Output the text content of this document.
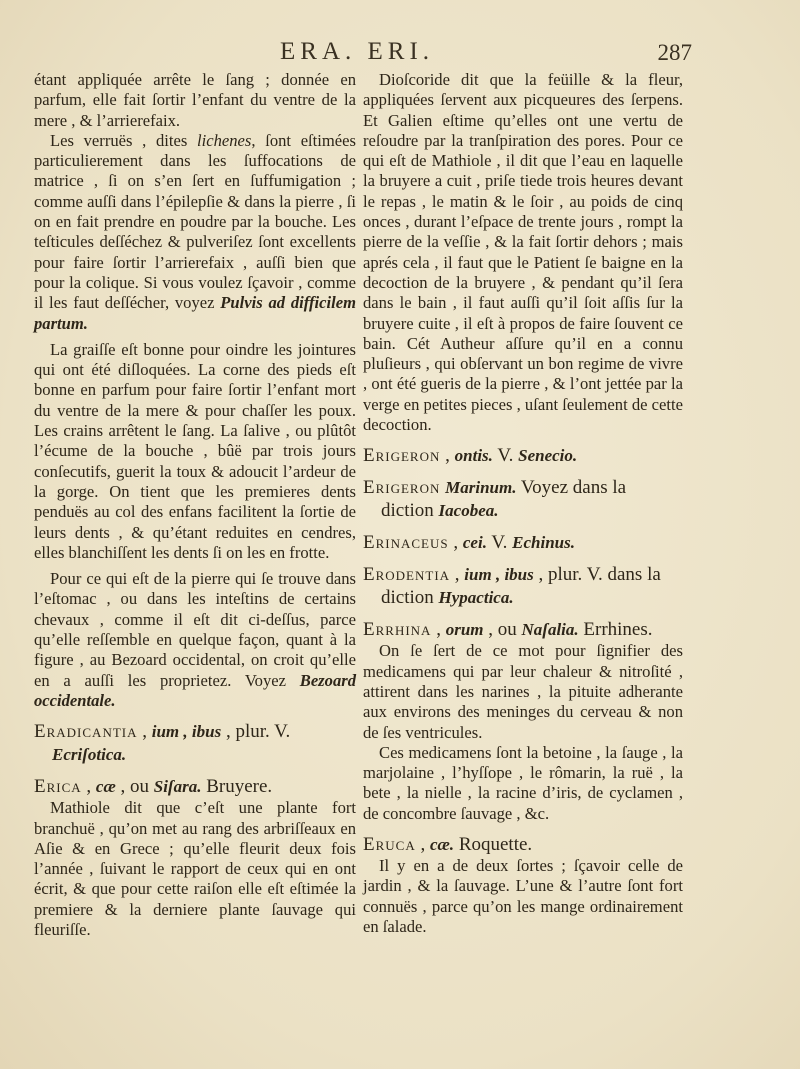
ERA. ERI.	287

étant appliquée arrête le ſang ; donnée en parfum, elle fait ſortir l’enfant du ventre de la mere , & l’arrierefaix.

Les verruës , dites lichenes, ſont eſtimées particulierement dans les ſuffocations de matrice , ſi on s’en ſert en ſuffumigation ; comme auſſi dans l’épilepſie & dans la pierre , ſi on en fait prendre en poudre par la bouche. Les teſticules deſſéchez & pulveriſez ſont excellents pour faire ſortir l’arrierefaix , auſſi bien que pour la colique. Si vous voulez ſçavoir , comme il les faut deſſécher, voyez Pulvis ad difficilem partum.

La graiſſe eſt bonne pour oindre les jointures qui ont été diſloquées. La corne des pieds eſt bonne en parfum pour faire ſortir l’enfant mort du ventre de la mere & pour chaſſer les poux. Les crains arrêtent le ſang. La ſalive , ou plûtôt l’écume de la bouche , bûë par trois jours conſecutifs, guerit la toux & adoucit l’ardeur de la gorge. On tient que les premieres dents penduës au col des enfans facilitent la ſortie de leurs dents , & qu’étant reduites en cendres, elles blanchiſſent les dents ſi on les en frotte.

Pour ce qui eſt de la pierre qui ſe trouve dans l’eſtomac , ou dans les inteſtins de certains chevaux , comme il eſt dit ci-deſſus, parce qu’elle reſſemble en quelque façon, quant à la figure , au Bezoard occidental, on croit qu’elle en a auſſi les proprietez. Voyez Bezoard occidentale.

Eradicantia , ium , ibus , plur. V. Ecriſotica.

Erica , cæ , ou Siſara. Bruyere.

Mathiole dit que c’eſt une plante fort branchuë , qu’on met au rang des arbriſſeaux en Aſie & en Grece ; qu’elle fleurit deux fois l’année , ſuivant le rapport de ceux qui en ont écrit, & que pour cette raiſon elle eſt eſtimée la premiere & la derniere plante ſauvage qui fleuriſſe.

Dioſcoride dit que la feüille & la fleur, appliquées ſervent aux picqueures des ſerpens. Et Galien eſtime qu’elles ont une vertu de reſoudre par la tranſpiration des pores. Pour ce qui eſt de Mathiole , il dit que l’eau en laquelle la bruyere a cuit , priſe tiede trois heures devant le repas , le matin & le ſoir , au poids de cinq onces , durant l’eſpace de trente jours , rompt la pierre de la veſſie , & la fait ſortir dehors ; mais aprés cela , il faut que le Patient ſe baigne en la decoction de la bruyere , & pendant qu’il ſera dans le bain , il faut auſſi qu’il ſoit aſſis ſur la bruyere cuite , il eſt à propos de faire ſouvent ce bain. Cét Autheur aſſure qu’il en a connu pluſieurs , qui obſervant un bon regime de vivre , ont été gueris de la pierre , & l’ont jettée par la verge en petites pieces , uſant ſeulement de cette decoction.

Erigeron , ontis. V. Senecio.

Erigeron Marinum. Voyez dans la diction Iacobea.

Erinaceus , cei. V. Echinus.

Erodentia , ium , ibus , plur. V. dans la diction Hypactica.

Errhina , orum , ou Naſalia. Errhines.

On ſe ſert de ce mot pour ſignifier des medicamens qui par leur chaleur & nitroſité , attirent dans les narines , la pituite adherante aux environs des meninges du cerveau & non de ſes ventricules.

Ces medicamens ſont la betoine , la ſauge , la marjolaine , l’hyſſope , le rômarin, la ruë , la bete , la nielle , la racine d’iris, de cyclamen , de concombre ſauvage , &c.

Eruca , cæ. Roquette.

Il y en a de deux ſortes ; ſçavoir celle de jardin , & la ſauvage. L’une & l’autre ſont fort connuës , parce qu’on les mange ordinairement en ſalade.
